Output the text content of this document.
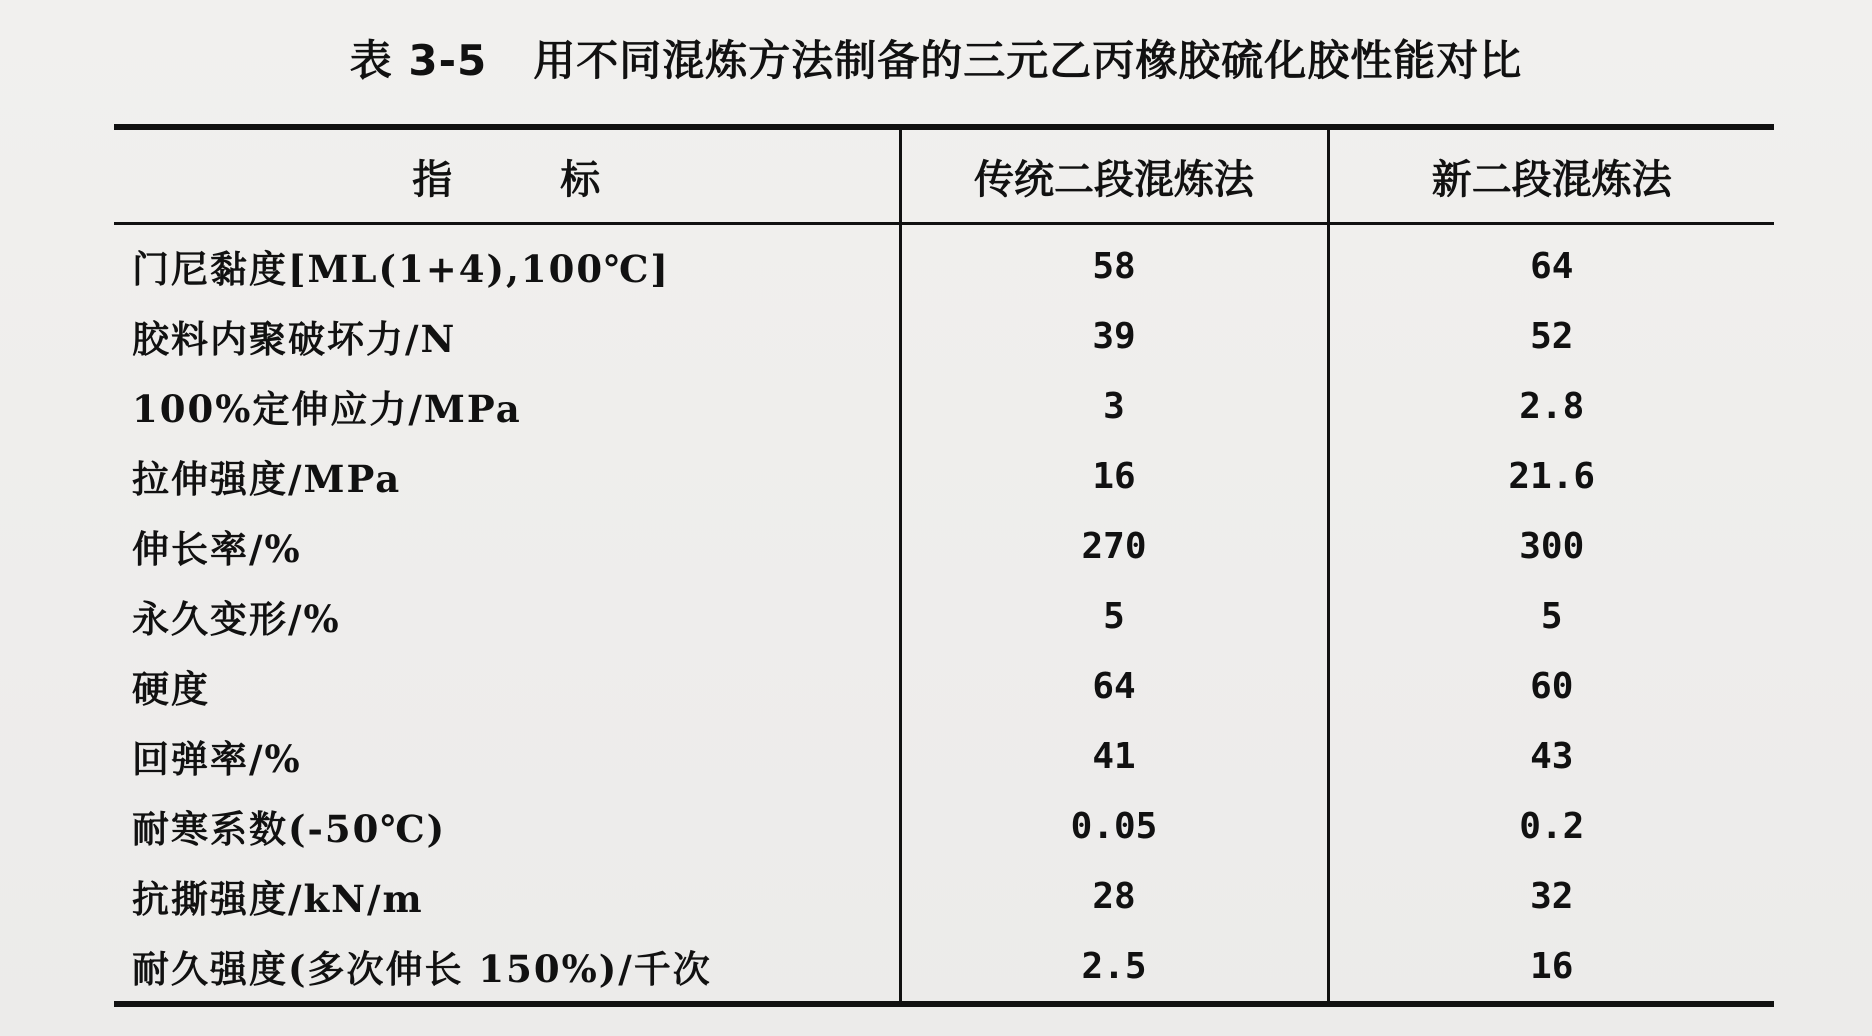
表 3-5 用不同混炼方法制备的三元乙丙橡胶硫化胶性能对比
指标	传统二段混炼法	新二段混炼法
门尼黏度[ML(1+4),100℃]	58	64
胶料内聚破坏力/N	39	52
100%定伸应力/MPa	3	2.8
拉伸强度/MPa	16	21.6
伸长率/%	270	300
永久变形/%	5	5
硬度	64	60
回弹率/%	41	43
耐寒系数(-50℃)	0.05	0.2
抗撕强度/kN/m	28	32
耐久强度(多次伸长 150%)/千次	2.5	16
